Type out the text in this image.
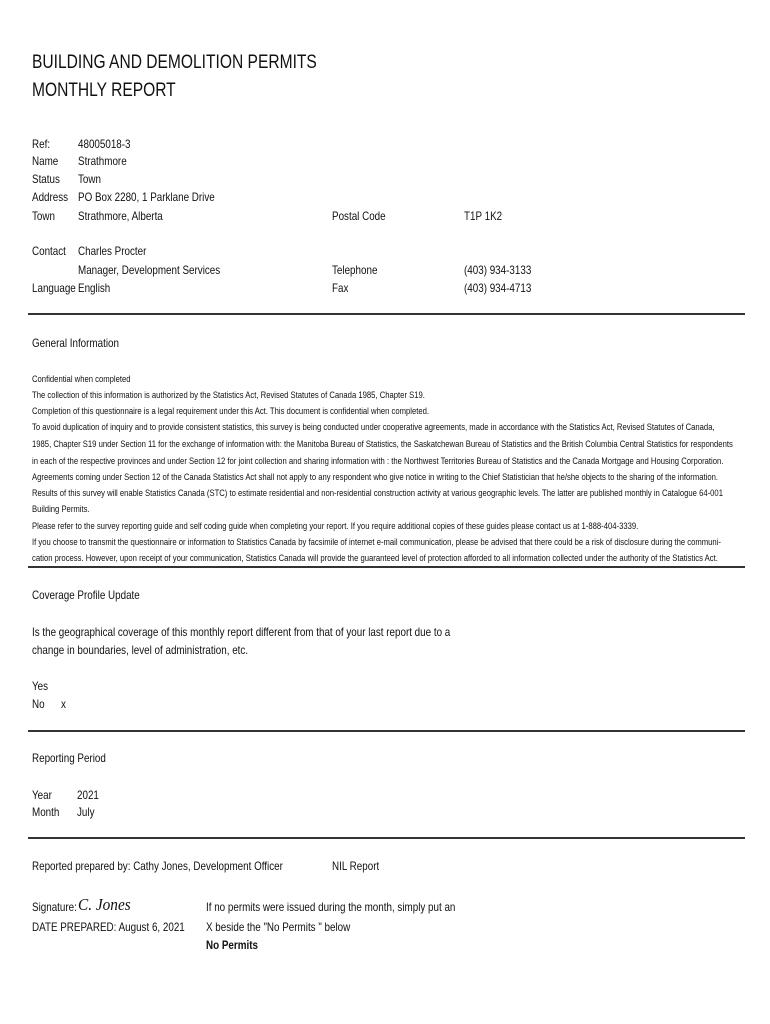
BUILDING AND DEMOLITION PERMITS
MONTHLY REPORT
Ref: 48005018-3
Name Strathmore
Status Town
Address PO Box 2280, 1 Parklane Drive
Town Strathmore, Alberta	Postal Code	T1P 1K2
Contact Charles Procter
Manager, Development Services	Telephone	(403) 934-3133
Language English	Fax	(403) 934-4713
General Information
Confidential when completed
The collection of this information is authorized by the Statistics Act, Revised Statutes of Canada 1985, Chapter S19.
Completion of this questionnaire is a legal requirement under this Act. This document is confidential when completed.
To avoid duplication of inquiry and to provide consistent statistics, this survey is being conducted under cooperative agreements, made in accordance with the Statistics Act, Revised Statutes of Canada,
1985, Chapter S19 under Section 11 for the exchange of information with: the Manitoba Bureau of Statistics, the Saskatchewan Bureau of Statistics and the British Columbia Central Statistics for respondents
in each of the respective provinces and under Section 12 for joint collection and sharing information with : the Northwest Territories Bureau of Statistics and the Canada Mortgage and Housing Corporation.
Agreements coming under Section 12 of the Canada Statistics Act shall not apply to any respondent who give notice in writing to the Chief Statistician that he/she objects to the sharing of the information.
Results of this survey will enable Statistics Canada (STC) to estimate residential and non-residential construction activity at various geographic levels. The latter are published monthly in Catalogue 64-001
Building Permits.
Please refer to the survey reporting guide and self coding guide when completing your report. If you require additional copies of these guides please contact us at 1-888-404-3339.
If you choose to transmit the questionnaire or information to Statistics Canada by facsimile of internet e-mail communication, please be advised that there could be a risk of disclosure during the communi-
cation process. However, upon receipt of your communication, Statistics Canada will provide the guaranteed level of protection afforded to all information collected under the authority of the Statistics Act.
Coverage Profile Update
Is the geographical coverage of this monthly report different from that of your last report due to a
change in boundaries, level of administration, etc.
Yes
No x
Reporting Period
Year 2021
Month July
Reported prepared by: Cathy Jones, Development Officer	NIL Report
Signature: C. Jones
DATE PREPARED: August 6, 2021
If no permits were issued during the month, simply put an
X beside the "No Permits " below
No Permits
